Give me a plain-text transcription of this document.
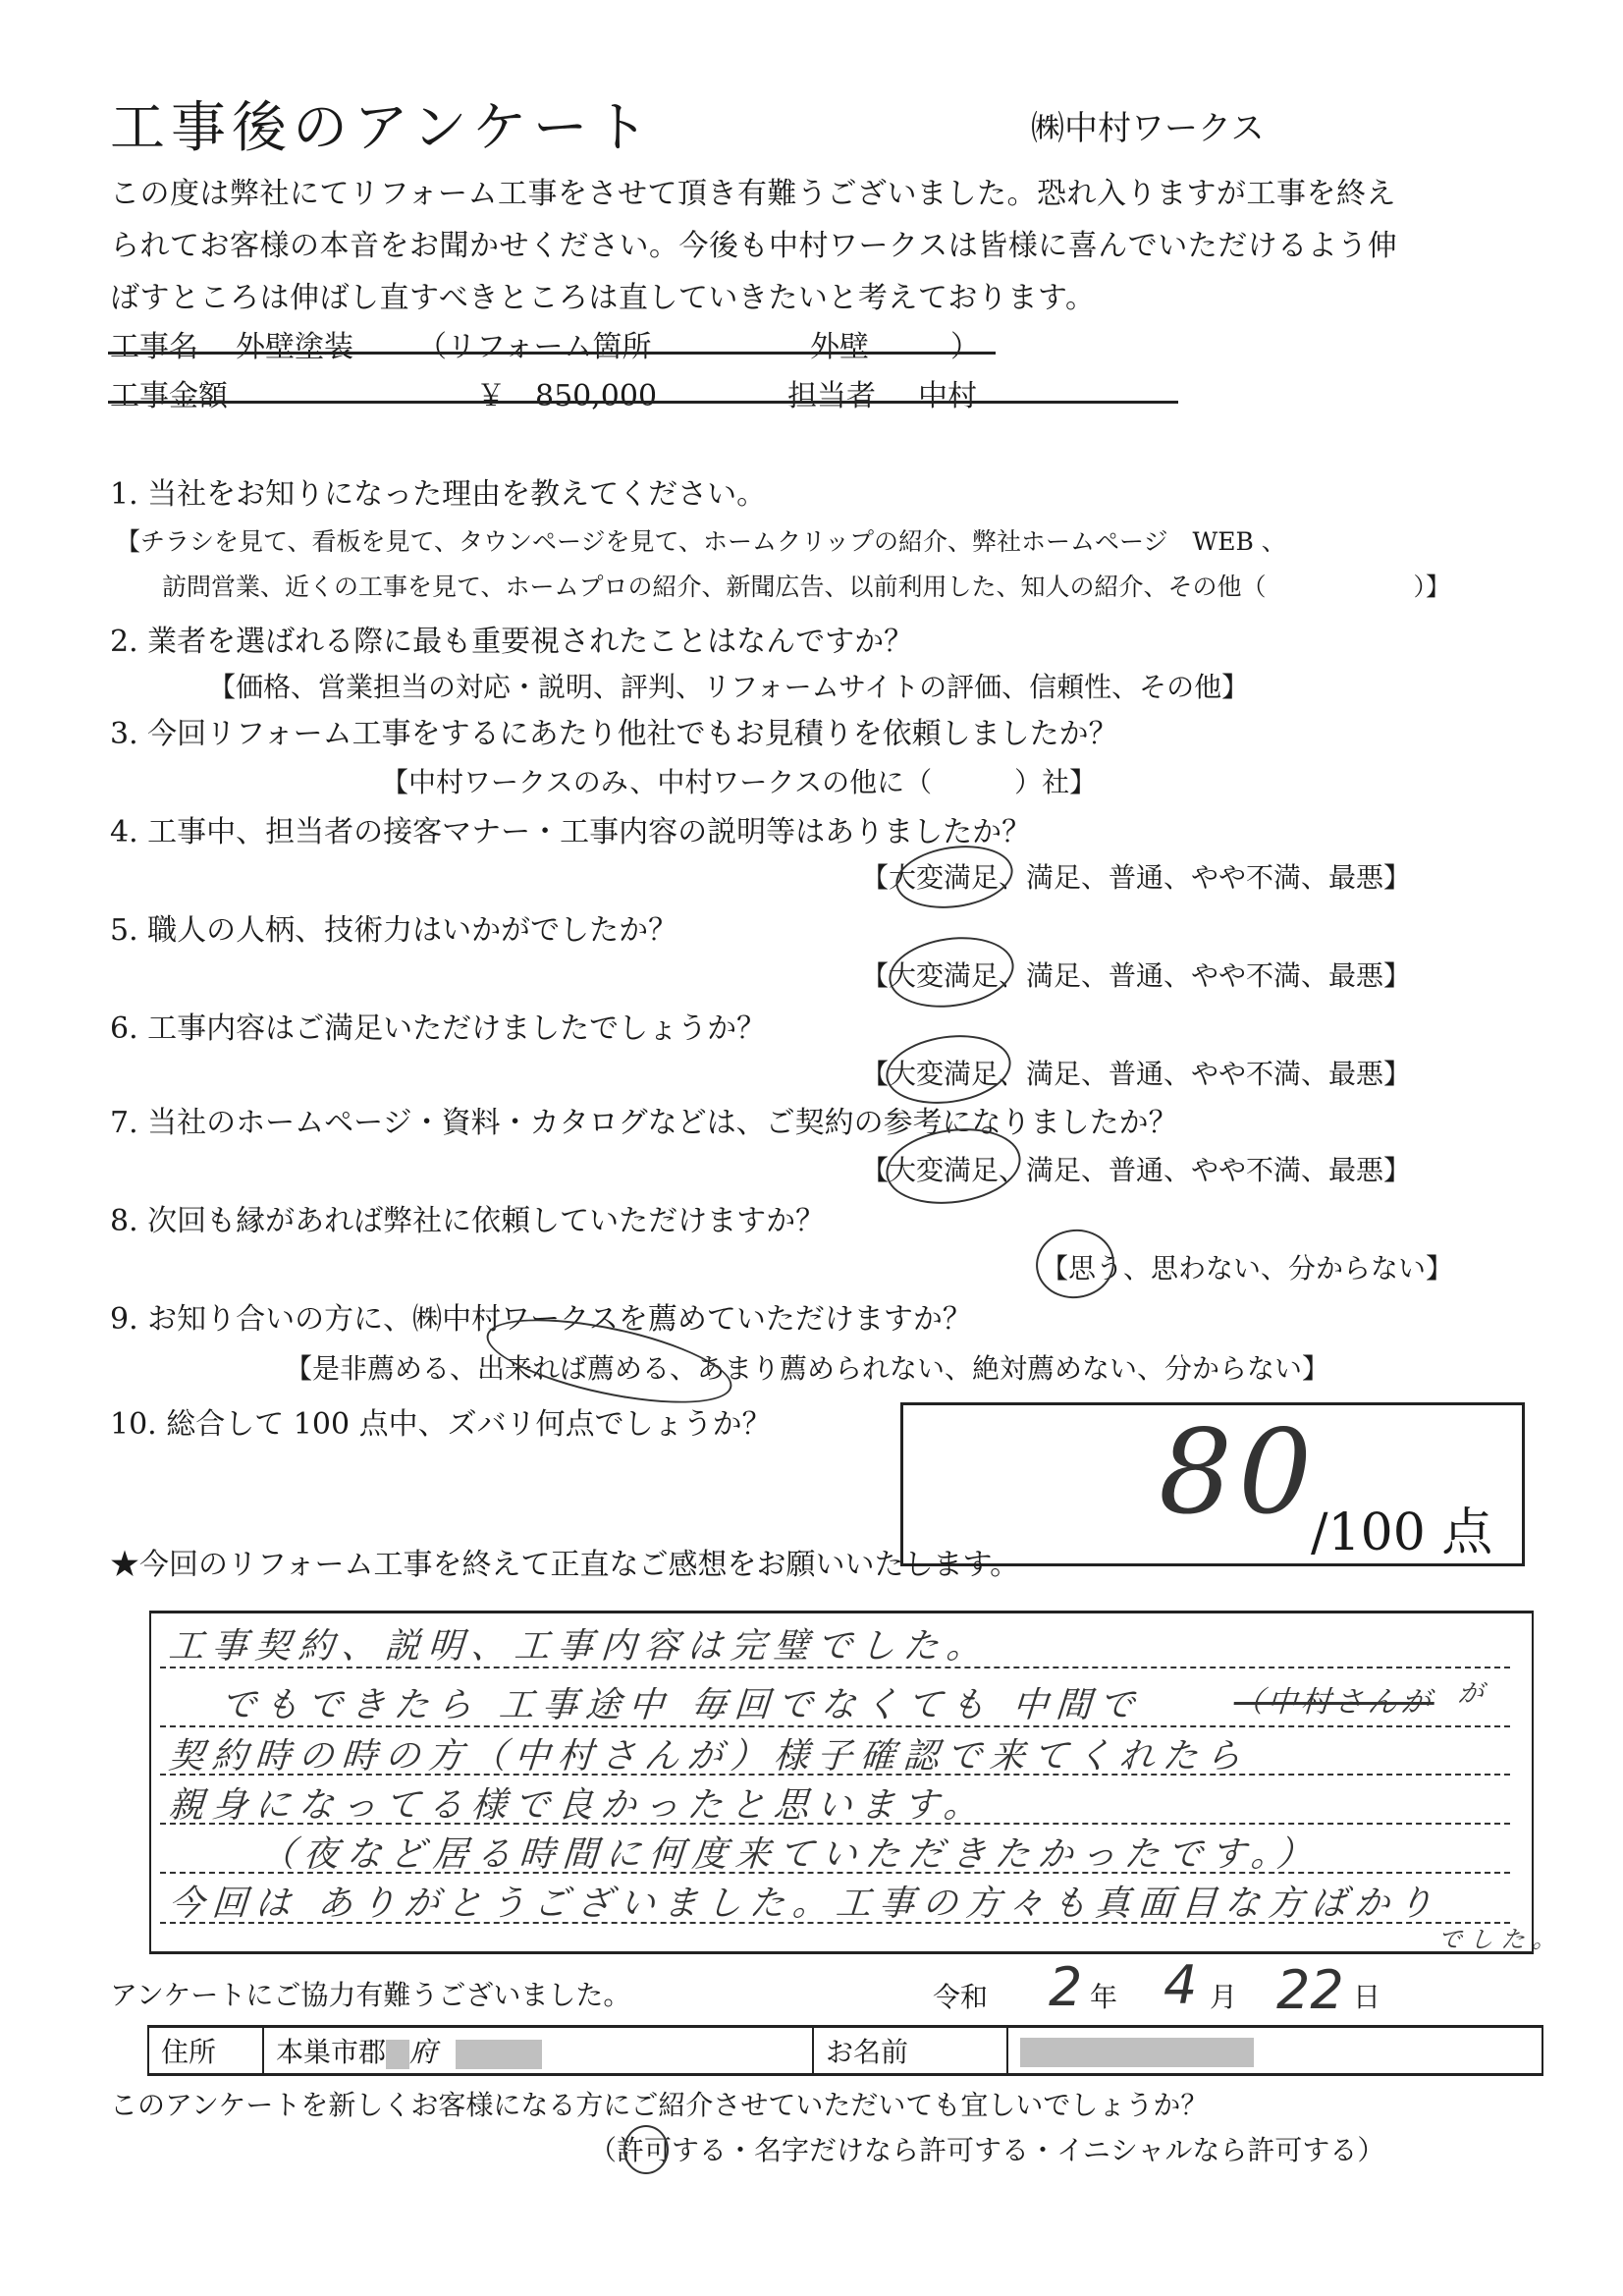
工事後のアンケート	㈱中村ワークス
この度は弊社にてリフォーム工事をさせて頂き有難うございました。恐れ入りますが工事を終え
られてお客様の本音をお聞かせください。今後も中村ワークスは皆様に喜んでいただけるよう伸
ばすところは伸ばし直すべきところは直していきたいと考えております。
工事名 外壁塗装 （リフォーム箇所	外壁	）
工事金額	￥　850,000	担当者 中村
1. 当社をお知りになった理由を教えてください。
【チラシを見て、看板を見て、タウンページを見て、ホームクリップの紹介、弊社ホームページ　WEB 、
訪問営業、近くの工事を見て、ホームプロの紹介、新聞広告、以前利用した、知人の紹介、その他（　　　　　　）】
2. 業者を選ばれる際に最も重要視されたことはなんですか？
【価格、営業担当の対応・説明、評判、リフォームサイトの評価、信頼性、その他】
3. 今回リフォーム工事をするにあたり他社でもお見積りを依頼しましたか？
【中村ワークスのみ、中村ワークスの他に（　　　）社】
4. 工事中、担当者の接客マナー・工事内容の説明等はありましたか？
【大変満足、満足、普通、やや不満、最悪】
5. 職人の人柄、技術力はいかがでしたか？
【大変満足、満足、普通、やや不満、最悪】
6. 工事内容はご満足いただけましたでしょうか？
【大変満足、満足、普通、やや不満、最悪】
7. 当社のホームページ・資料・カタログなどは、ご契約の参考になりましたか？
【大変満足、満足、普通、やや不満、最悪】
8. 次回も縁があれば弊社に依頼していただけますか？
【思う、思わない、分からない】
9. お知り合いの方に、㈱中村ワークスを薦めていただけますか？
【是非薦める、出来れば薦める、あまり薦められない、絶対薦めない、分からない】
10. 総合して 100 点中、ズバリ何点でしょうか？	80
/100 点
★今回のリフォーム工事を終えて正直なご感想をお願いいたします。
工事契約、説明、工事内容は完璧でした。
でもできたら 工事途中 毎回でなくても 中間で	（中村さんが が
契約時の時の方（中村さんが）様子確認で来てくれたら
親身になってる様で良かったと思います。
（夜など居る時間に何度来ていただきたかったです。）
今回は ありがとうございました。工事の方々も真面目な方ばかり
でした。
アンケートにご協力有難うございました。	令和 2 年 4 月 22 日
住所	本巣市郡 府	お名前	
このアンケートを新しくお客様になる方にご紹介させていただいても宜しいでしょうか？
（許可する・名字だけなら許可する・イニシャルなら許可する）
